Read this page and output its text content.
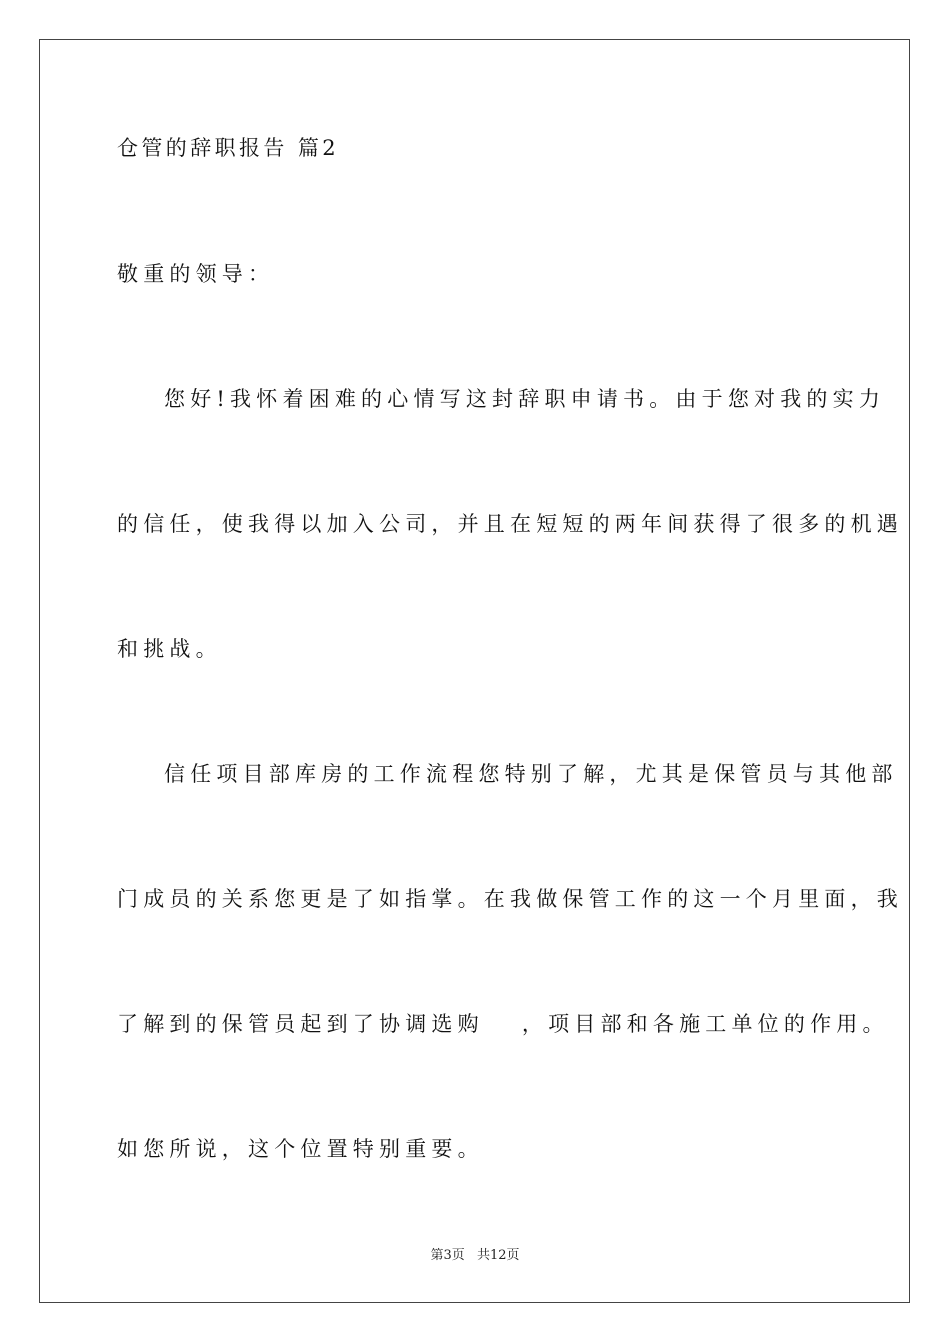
仓管的辞职报告 篇2
敬重的领导：
您好!我怀着困难的心情写这封辞职申请书。由于您对我的实力
的信任，使我得以加入公司，并且在短短的两年间获得了很多的机遇
和挑战。
信任项目部库房的工作流程您特别了解，尤其是保管员与其他部
门成员的关系您更是了如指掌。在我做保管工作的这一个月里面，我
了解到的保管员起到了协调选购　 ，项目部和各施工单位的作用。
如您所说，这个位置特别重要。
第3页 共12页
